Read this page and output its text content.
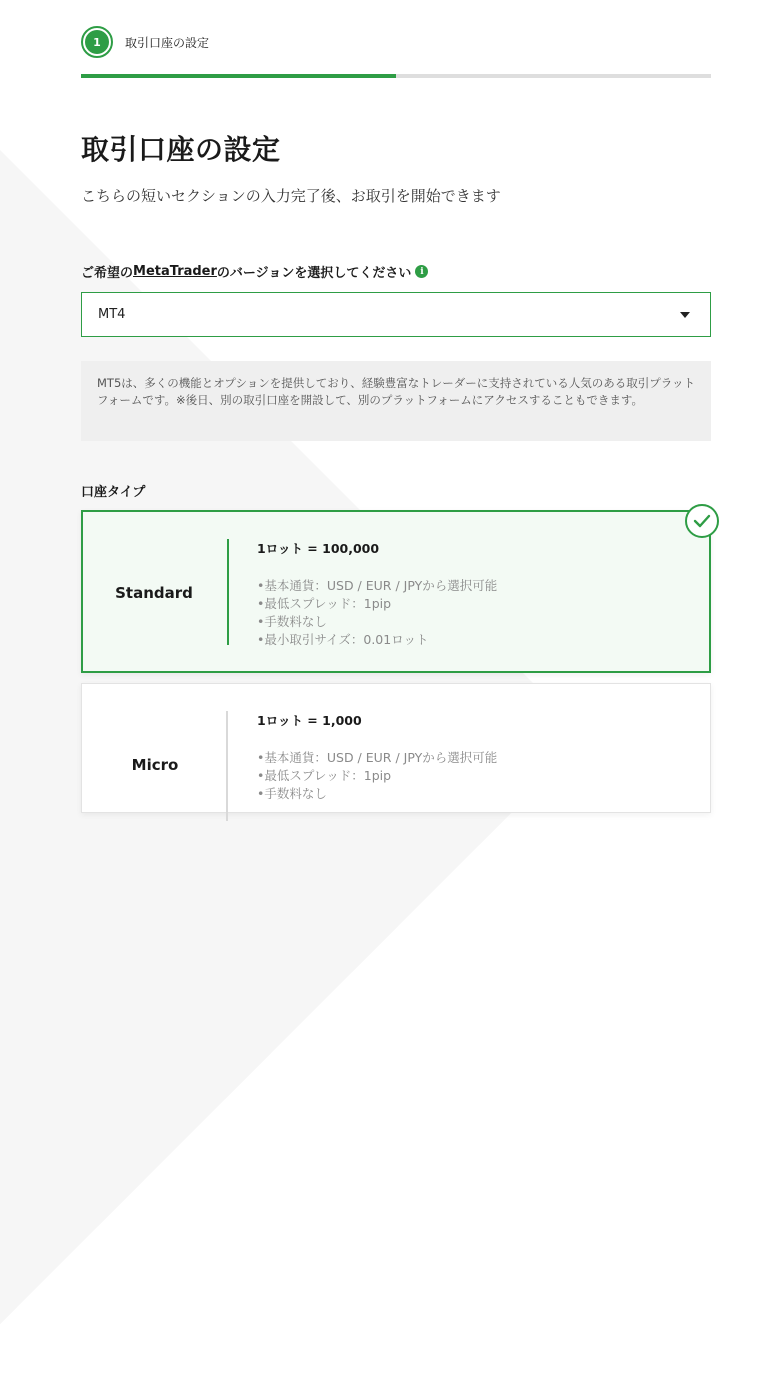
1	取引口座の設定
取引口座の設定
こちらの短いセクションの入力完了後、お取引を開始できます
ご希望の MetaTrader のバージョンを選択してください i
MT4
MT5は、多くの機能とオプションを提供しており、経験豊富なトレーダーに支持されている人気のある取引プラットフォームです。※後日、別の取引口座を開設して、別のプラットフォームにアクセスすることもできます。
口座タイプ
Standard
1ロット = 100,000
•基本通貨：USD / EUR / JPYから選択可能
•最低スプレッド：1pip
•手数料なし
•最小取引サイズ：0.01ロット
Micro
1ロット = 1,000
•基本通貨：USD / EUR / JPYから選択可能
•最低スプレッド：1pip
•手数料なし
